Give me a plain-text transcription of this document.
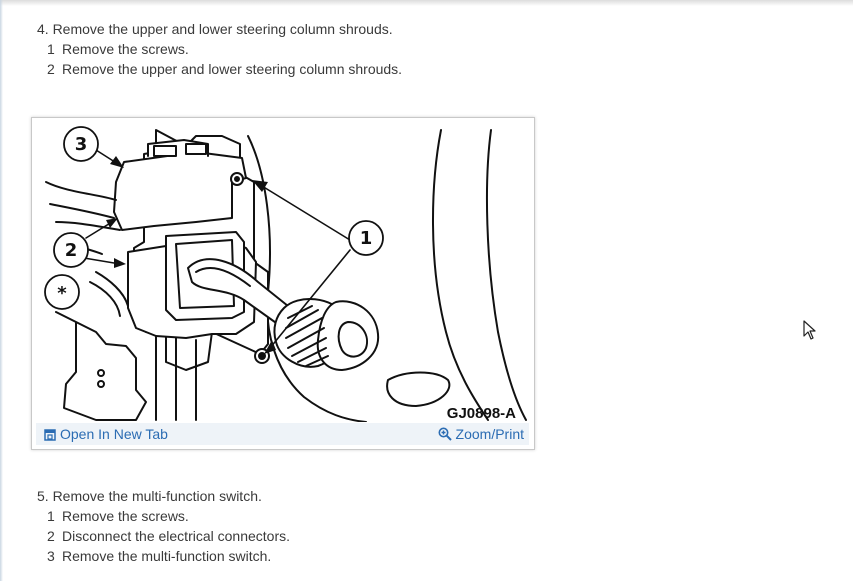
4. Remove the upper and lower steering column shrouds.
1 Remove the screws.
2 Remove the upper and lower steering column shrouds.
1
2
3
*
GJ0898-A
Open In New Tab	Zoom/Print
5. Remove the multi-function switch.
1 Remove the screws.
2 Disconnect the electrical connectors.
3 Remove the multi-function switch.
